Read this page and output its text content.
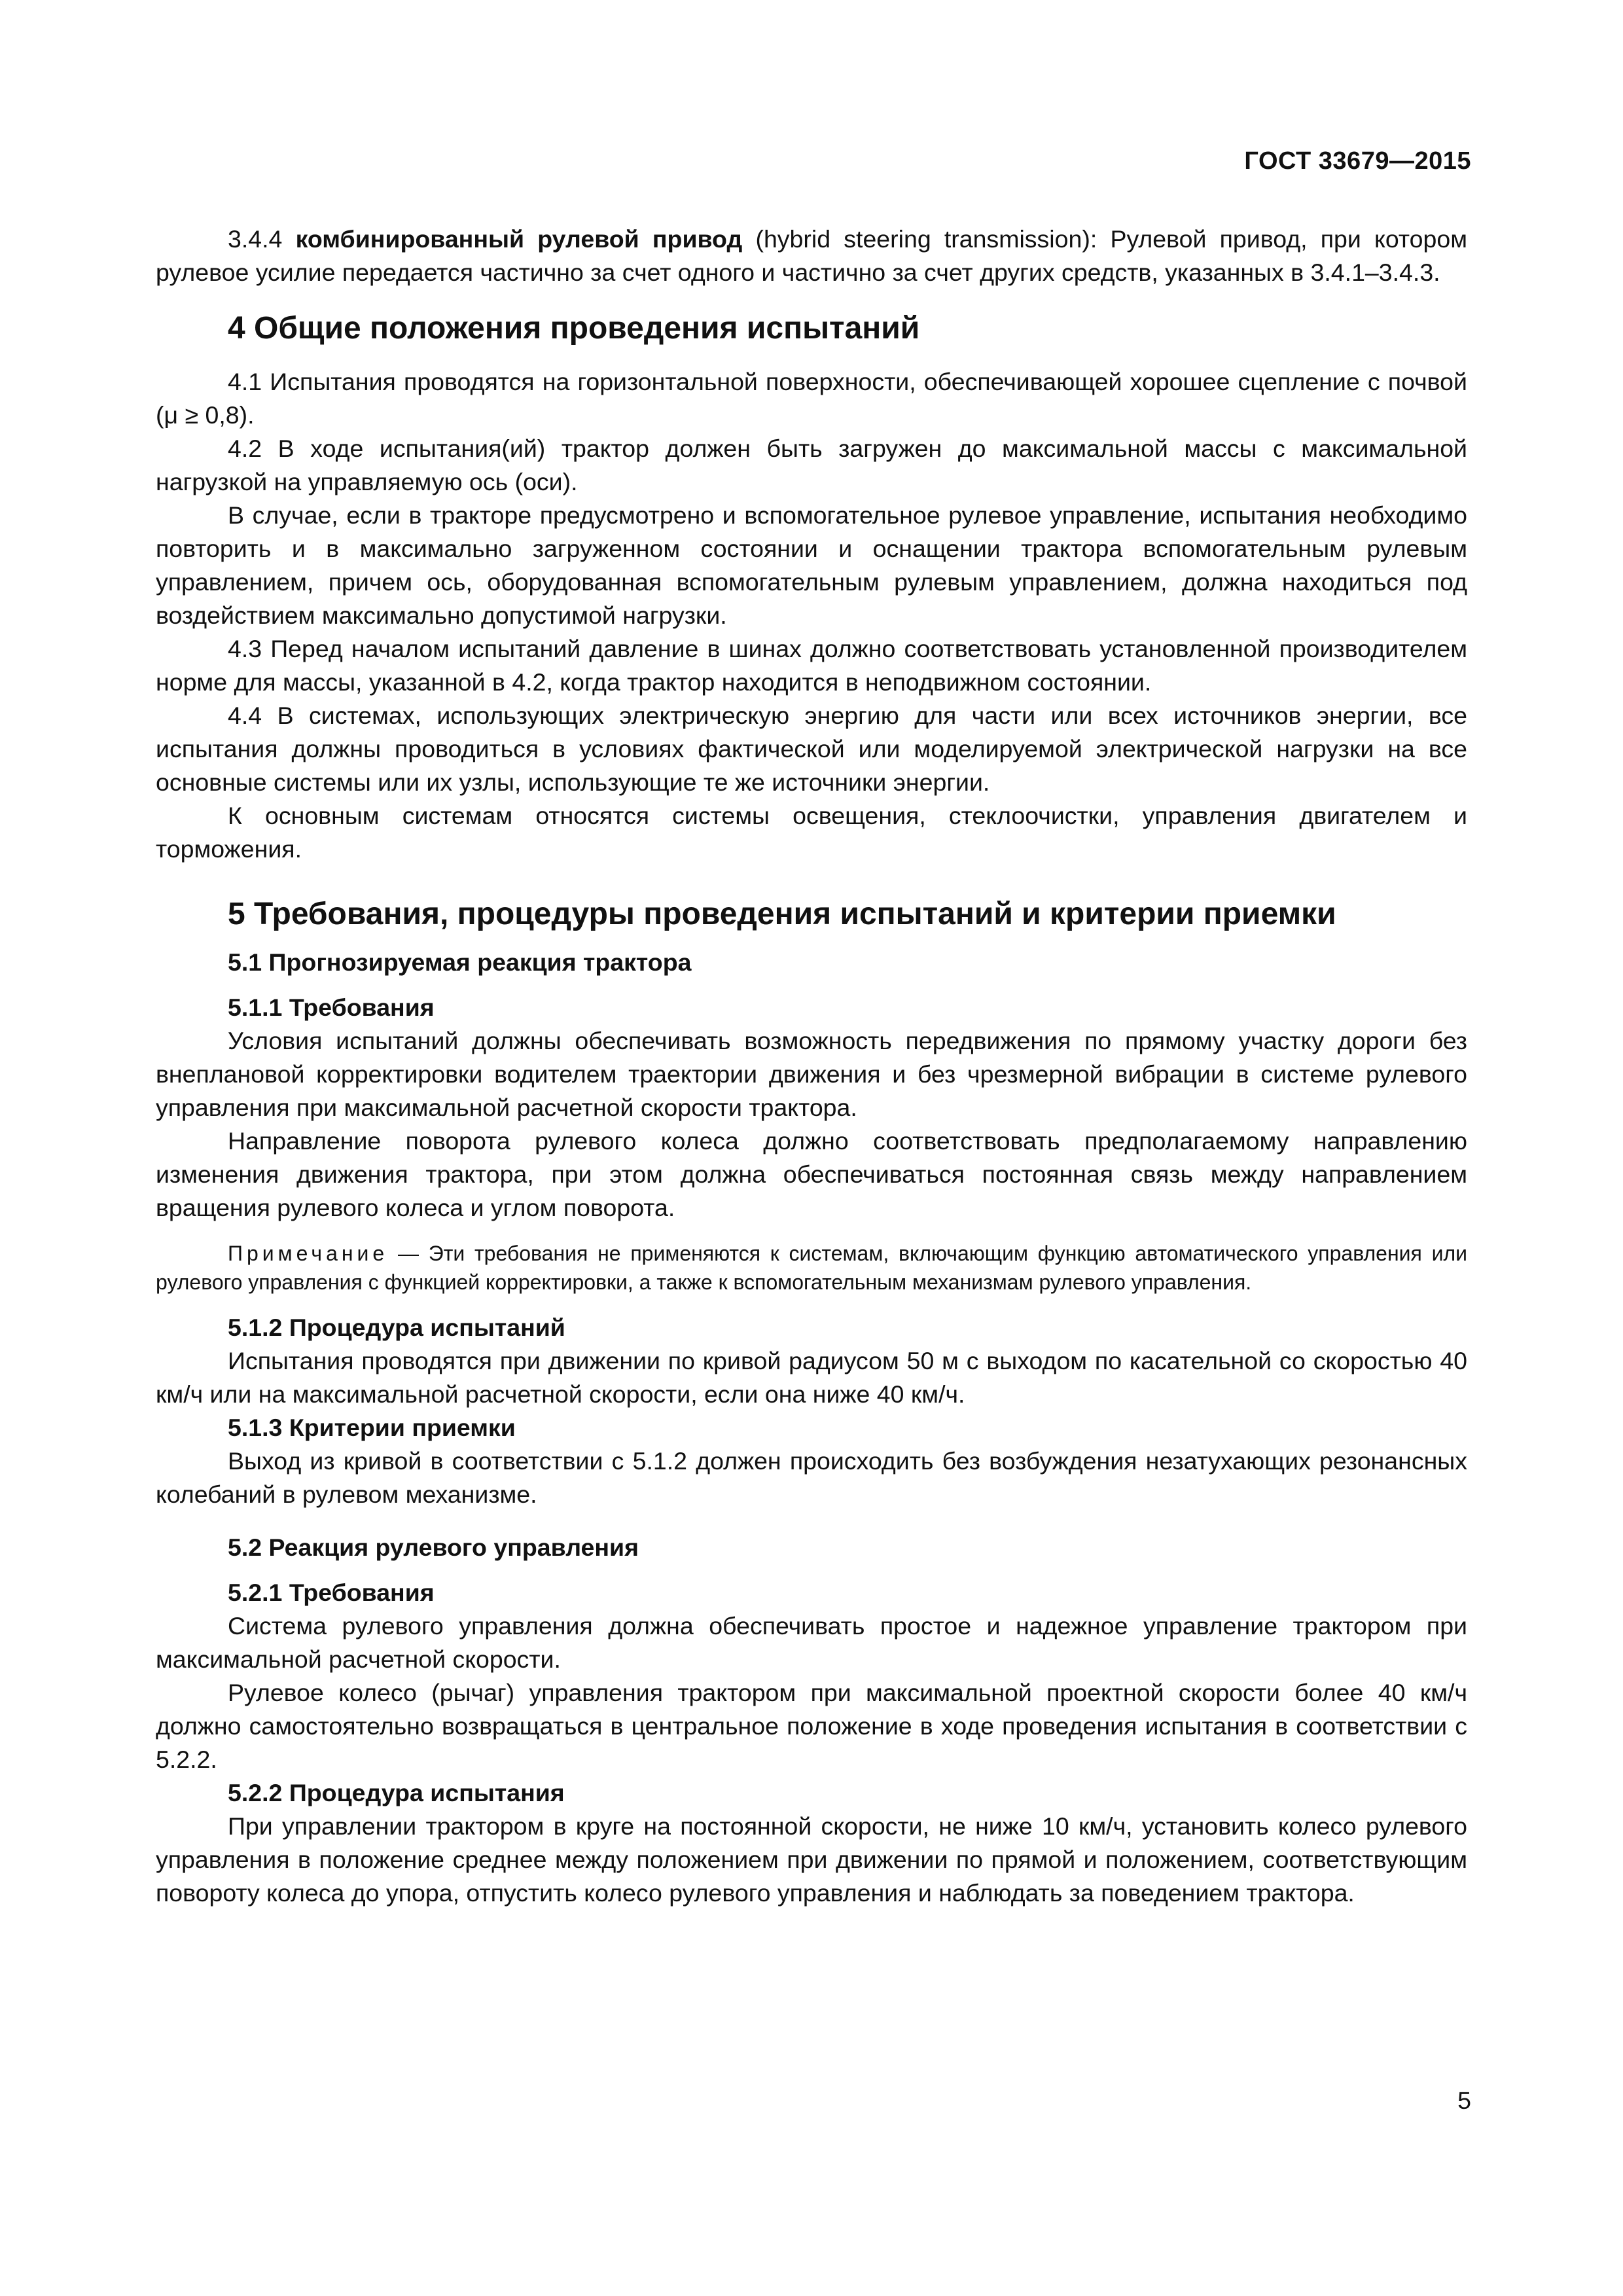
ГОСТ 33679—2015

3.4.4 комбинированный рулевой привод (hybrid steering transmission): Рулевой привод, при котором рулевое усилие передается частично за счет одного и частично за счет других средств, указанных в 3.4.1–3.4.3.

4 Общие положения проведения испытаний

4.1 Испытания проводятся на горизонтальной поверхности, обеспечивающей хорошее сцепление с почвой (μ ≥ 0,8).

4.2 В ходе испытания(ий) трактор должен быть загружен до максимальной массы с максимальной нагрузкой на управляемую ось (оси).

В случае, если в тракторе предусмотрено и вспомогательное рулевое управление, испытания необходимо повторить и в максимально загруженном состоянии и оснащении трактора вспомогательным рулевым управлением, причем ось, оборудованная вспомогательным рулевым управлением, должна находиться под воздействием максимально допустимой нагрузки.

4.3 Перед началом испытаний давление в шинах должно соответствовать установленной производителем норме для массы, указанной в 4.2, когда трактор находится в неподвижном состоянии.

4.4 В системах, использующих электрическую энергию для части или всех источников энергии, все испытания должны проводиться в условиях фактической или моделируемой электрической нагрузки на все основные системы или их узлы, использующие те же источники энергии.

К основным системам относятся системы освещения, стеклоочистки, управления двигателем и торможения.

5 Требования, процедуры проведения испытаний и критерии приемки

5.1 Прогнозируемая реакция трактора

5.1.1 Требования

Условия испытаний должны обеспечивать возможность передвижения по прямому участку дороги без внеплановой корректировки водителем траектории движения и без чрезмерной вибрации в системе рулевого управления при максимальной расчетной скорости трактора.

Направление поворота рулевого колеса должно соответствовать предполагаемому направлению изменения движения трактора, при этом должна обеспечиваться постоянная связь между направлением вращения рулевого колеса и углом поворота.

Примечание — Эти требования не применяются к системам, включающим функцию автоматического управления или рулевого управления с функцией корректировки, а также к вспомогательным механизмам рулевого управления.

5.1.2 Процедура испытаний

Испытания проводятся при движении по кривой радиусом 50 м с выходом по касательной со скоростью 40 км/ч или на максимальной расчетной скорости, если она ниже 40 км/ч.

5.1.3 Критерии приемки

Выход из кривой в соответствии с 5.1.2 должен происходить без возбуждения незатухающих резонансных колебаний в рулевом механизме.

5.2 Реакция рулевого управления

5.2.1 Требования

Система рулевого управления должна обеспечивать простое и надежное управление трактором при максимальной расчетной скорости.

Рулевое колесо (рычаг) управления трактором при максимальной проектной скорости более 40 км/ч должно самостоятельно возвращаться в центральное положение в ходе проведения испытания в соответствии с 5.2.2.

5.2.2 Процедура испытания

При управлении трактором в круге на постоянной скорости, не ниже 10 км/ч, установить колесо рулевого управления в положение среднее между положением при движении по прямой и положением, соответствующим повороту колеса до упора, отпустить колесо рулевого управления и наблюдать за поведением трактора.

5
